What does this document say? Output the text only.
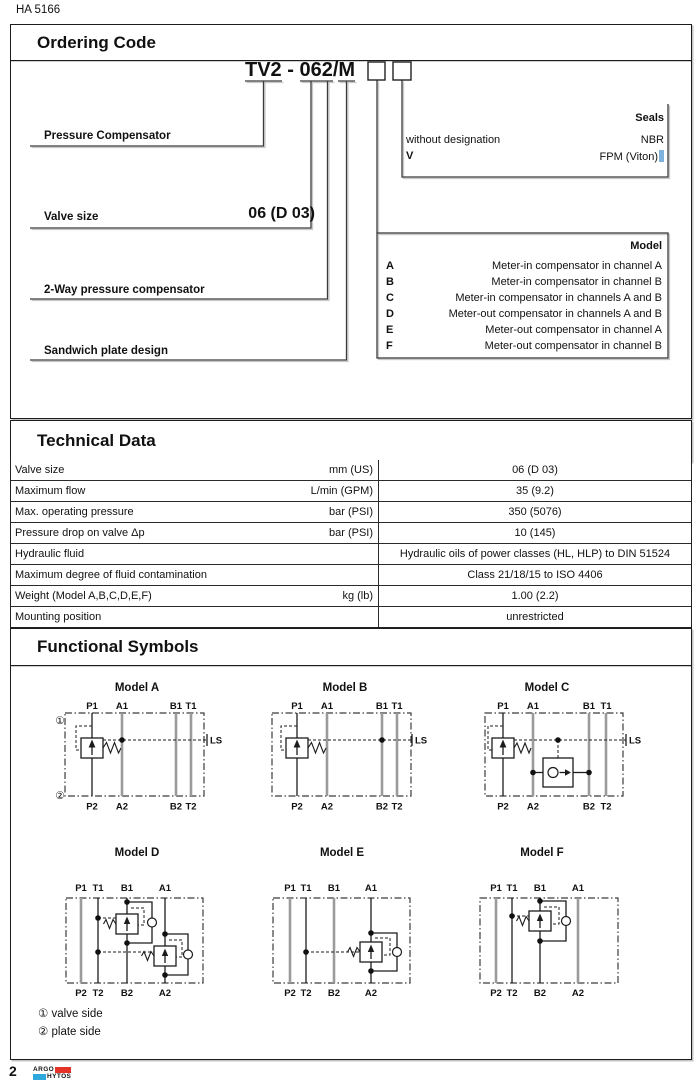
HA 5166
Ordering Code
Technical Data
Functional Symbols
TV2 - 062/M
Pressure Compensator
Valve size	06 (D 03)
2-Way pressure compensator
Sandwich plate design
Seals
without designation	NBR
V	FPM (Viton)
Model
A	Meter-in compensator in channel A
B	Meter-in compensator in channel B
C	Meter-in compensator in channels A and B
D	Meter-out compensator in channels A and B
E	Meter-out compensator in channel A
F	Meter-out compensator in channel B
Valve size	mm (US)	06 (D 03)
Maximum flow	L/min (GPM)	35 (9.2)
Max. operating pressure	bar (PSI)	350 (5076)
Pressure drop on valve Δp	bar (PSI)	10 (145)
Hydraulic fluid	Hydraulic oils of power classes (HL, HLP) to DIN 51524
Maximum degree of fluid contamination	Class 21/18/15 to ISO 4406
Weight (Model A,B,C,D,E,F)	kg (lb)	1.00 (2.2)
Mounting position	unrestricted
Model A	Model B	Model C
Model D	Model E	Model F
LS
①
②
P1 A1	B1 T1
P2 A2	B2 T2
LS
P1 A1	B1 T1
P2 A2	B2 T2
LS
P1 A1	B1 T1
P2 A2	B2 T2
P1 T1 B1	A1
P2 T2 B2	A2
P1 T1 B1	A1
P2 T2 B2	A2
P1 T1 B1	A1
P2 T2 B2	A2
① valve side
② plate side
2 ARGO
HYTOS
